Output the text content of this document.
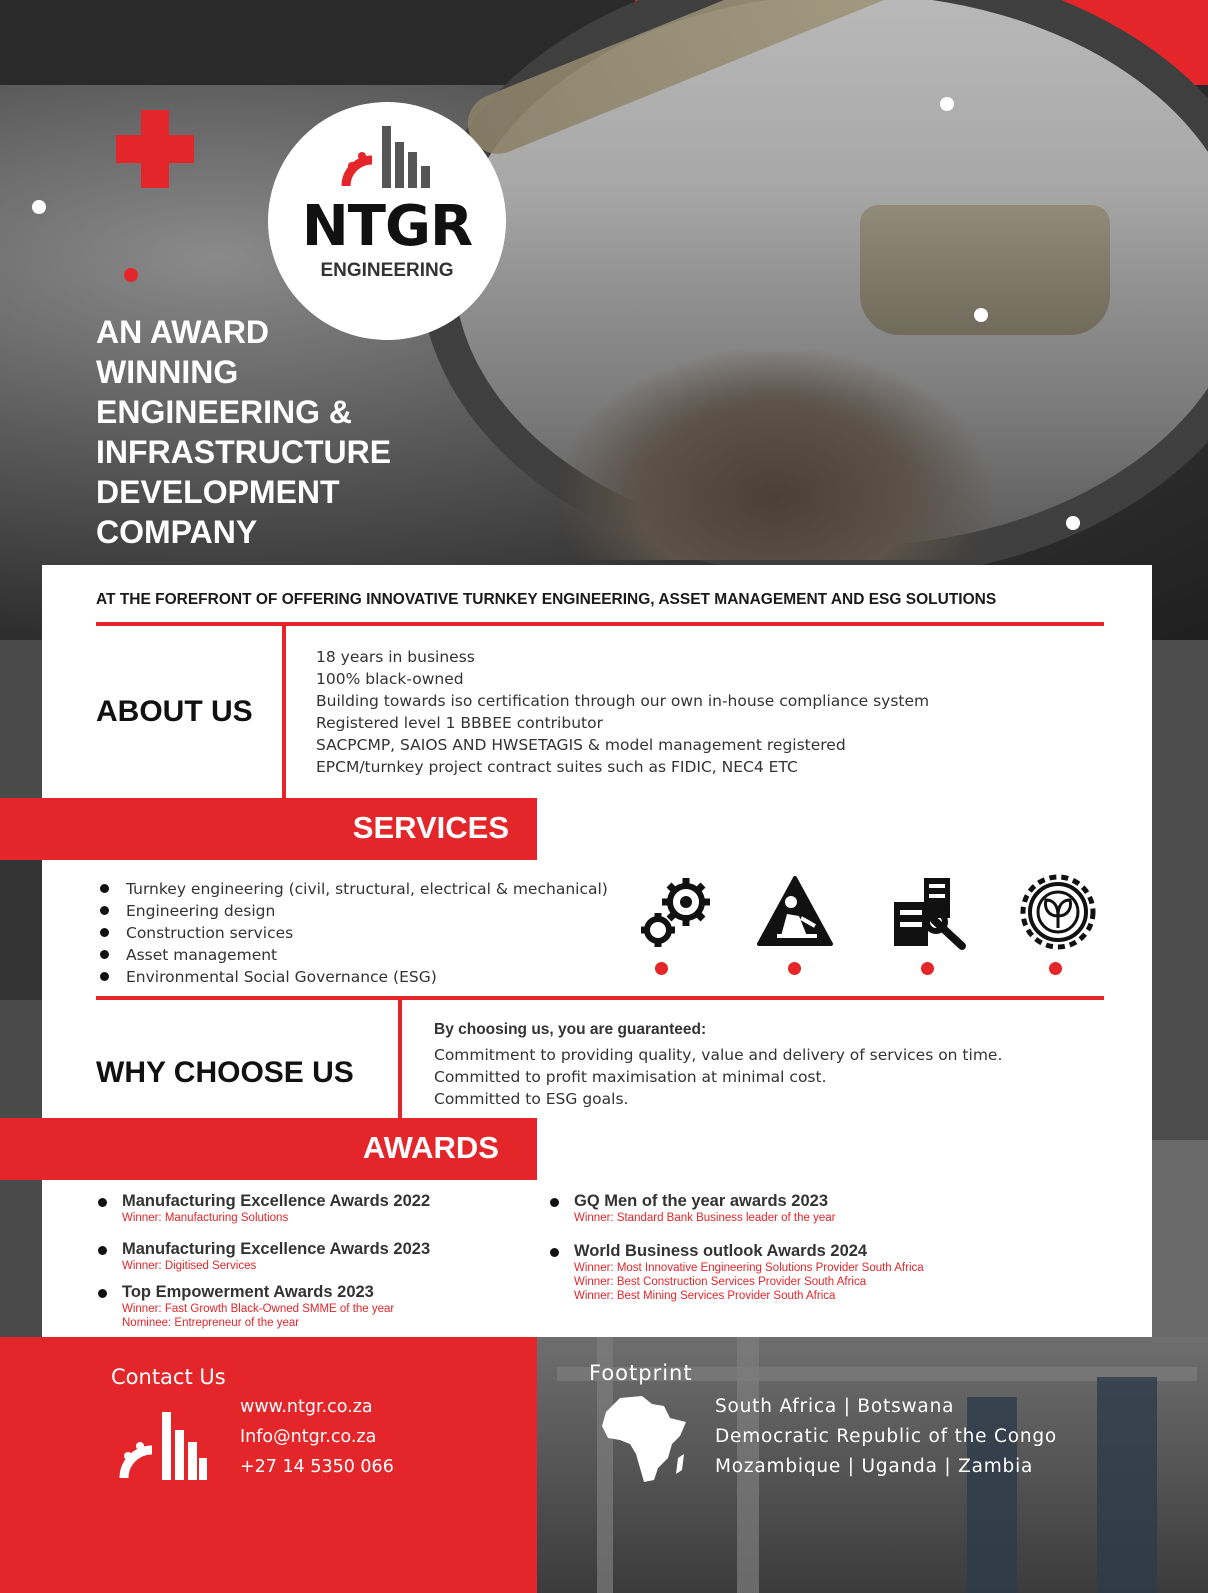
NTGR
ENGINEERING
AN AWARD
WINNING
ENGINEERING &
INFRASTRUCTURE
DEVELOPMENT
COMPANY
AT THE FOREFRONT OF OFFERING INNOVATIVE TURNKEY ENGINEERING, ASSET MANAGEMENT AND ESG SOLUTIONS
ABOUT US
18 years in business
100% black-owned
Building towards iso certification through our own in-house compliance system
Registered level 1 BBBEE contributor
SACPCMP, SAIOS AND HWSETAGIS & model management registered
EPCM/turnkey project contract suites such as FIDIC, NEC4 ETC
SERVICES
Turnkey engineering (civil, structural, electrical & mechanical)
Engineering design
Construction services
Asset management
Environmental Social Governance (ESG)
WHY CHOOSE US
By choosing us, you are guaranteed:
Commitment to providing quality, value and delivery of services on time.
Committed to profit maximisation at minimal cost.
Committed to ESG goals.
AWARDS
Manufacturing Excellence Awards 2022
Winner: Manufacturing Solutions
Manufacturing Excellence Awards 2023
Winner: Digitised Services
Top Empowerment Awards 2023
Winner: Fast Growth Black-Owned SMME of the year
Nominee: Entrepreneur of the year
GQ Men of the year awards 2023
Winner: Standard Bank Business leader of the year
World Business outlook Awards 2024
Winner: Most Innovative Engineering Solutions Provider South Africa
Winner: Best Construction Services Provider South Africa
Winner: Best Mining Services Provider South Africa
Contact Us
www.ntgr.co.za
Info@ntgr.co.za
+27 14 5350 066
Footprint
South Africa | Botswana
Democratic Republic of the Congo
Mozambique | Uganda | Zambia
